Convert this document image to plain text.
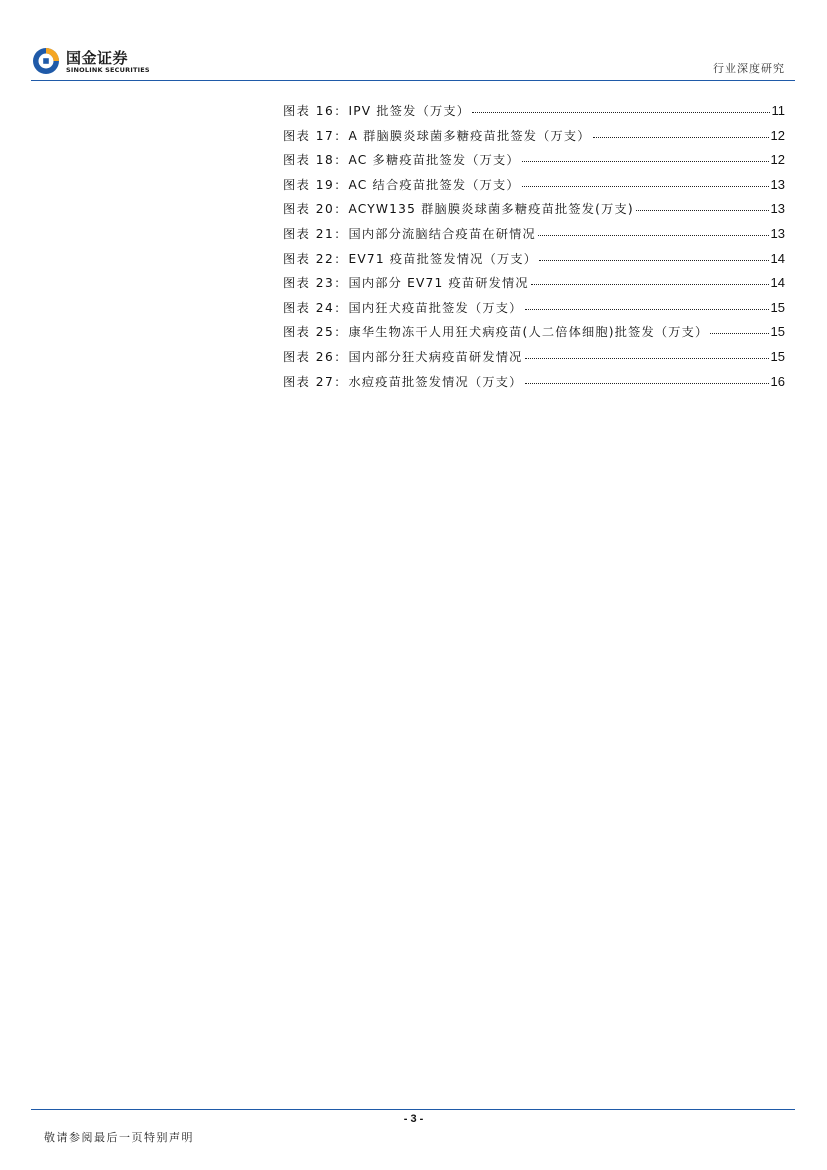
国金证券
SINOLINK SECURITIES	行业深度研究
图表 16 ： IPV 批签发（万支）	11
图表 17 ： A 群脑膜炎球菌多糖疫苗批签发（万支）	12
图表 18 ： AC 多糖疫苗批签发（万支）	12
图表 19 ： AC 结合疫苗批签发（万支）	13
图表 20 ： ACYW135 群脑膜炎球菌多糖疫苗批签发(万支)	13
图表 21 ： 国内部分流脑结合疫苗在研情况	13
图表 22 ： EV71 疫苗批签发情况（万支）	14
图表 23 ： 国内部分 EV71 疫苗研发情况	14
图表 24 ： 国内狂犬疫苗批签发（万支）	15
图表 25 ： 康华生物冻干人用狂犬病疫苗(人二倍体细胞)批签发（万支）	15
图表 26 ： 国内部分狂犬病疫苗研发情况	15
图表 27 ： 水痘疫苗批签发情况（万支）	16
- 3 -
敬请参阅最后一页特别声明
